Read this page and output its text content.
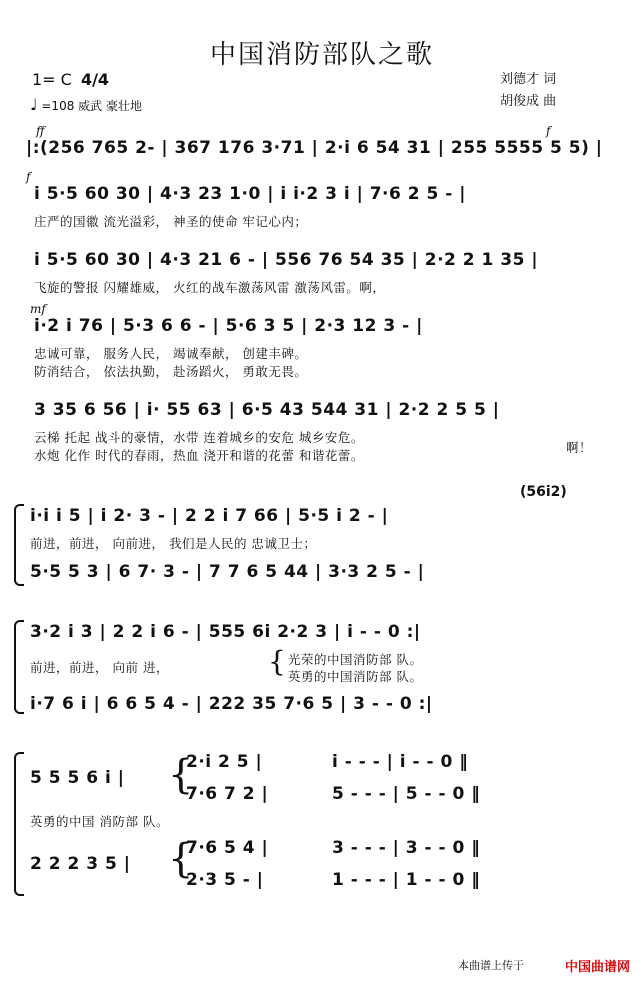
中国消防部队之歌
刘德才 词
胡俊成 曲
1= C 4/4
♩ =108 威武 豪壮地
ff	f
|:(256 765 2- | 367 176 3·71 | 2·i 6 54 31 | 255 5555 5 5) |
f
i 5·5 60 30 | 4·3 23 1·0 | i i·2 3 i | 7·6 2 5 - |
庄严的国徽 流光溢彩， 神圣的使命 牢记心内；
i 5·5 60 30 | 4·3 21 6 - | 556 76 54 35 | 2·2 2 1 35 |
飞旋的警报 闪耀雄威， 火红的战车激荡风雷 激荡风雷。啊，
mf
i·2 i 76 | 5·3 6 6 - | 5·6 3 5 | 2·3 12 3 - |
忠诚可靠， 服务人民， 竭诚奉献， 创建丰碑。
防消结合， 依法执勤， 赴汤蹈火， 勇敢无畏。
3 35 6 56 | i· 55 63 | 6·5 43 544 31 | 2·2 2 5 5 |
云梯 托起 战斗的豪情，水带 连着城乡的安危 城乡安危。
水炮 化作 时代的春雨，热血 浇开和谐的花蕾 和谐花蕾。
啊！
(56i2)
i·i i 5 | i 2· 3 - | 2 2 i 7 66 | 5·5 i 2 - |
前进，前进， 向前进， 我们是人民的 忠诚卫士；
5·5 5 3 | 6 7· 3 - | 7 7 6 5 44 | 3·3 2 5 - |
3·2 i 3 | 2 2 i 6 - | 555 6i 2·2 3 | i - - 0 :|
前进，前进， 向前 进，	{ 光荣的中国消防部 队。
英勇的中国消防部 队。
i·7 6 i | 6 6 5 4 - | 222 35 7·6 5 | 3 - - 0 :|
5 5 5 6 i | {
2·i 2 5 |
7·6 7 2 |
i - - - | i - - 0 ‖
5 - - - | 5 - - 0 ‖
英勇的中国 消防部 队。
2 2 2 3 5 | {
7·6 5 4 |
2·3 5 - |
3 - - - | 3 - - 0 ‖
1 - - - | 1 - - 0 ‖
本曲谱上传于	中国曲谱网
